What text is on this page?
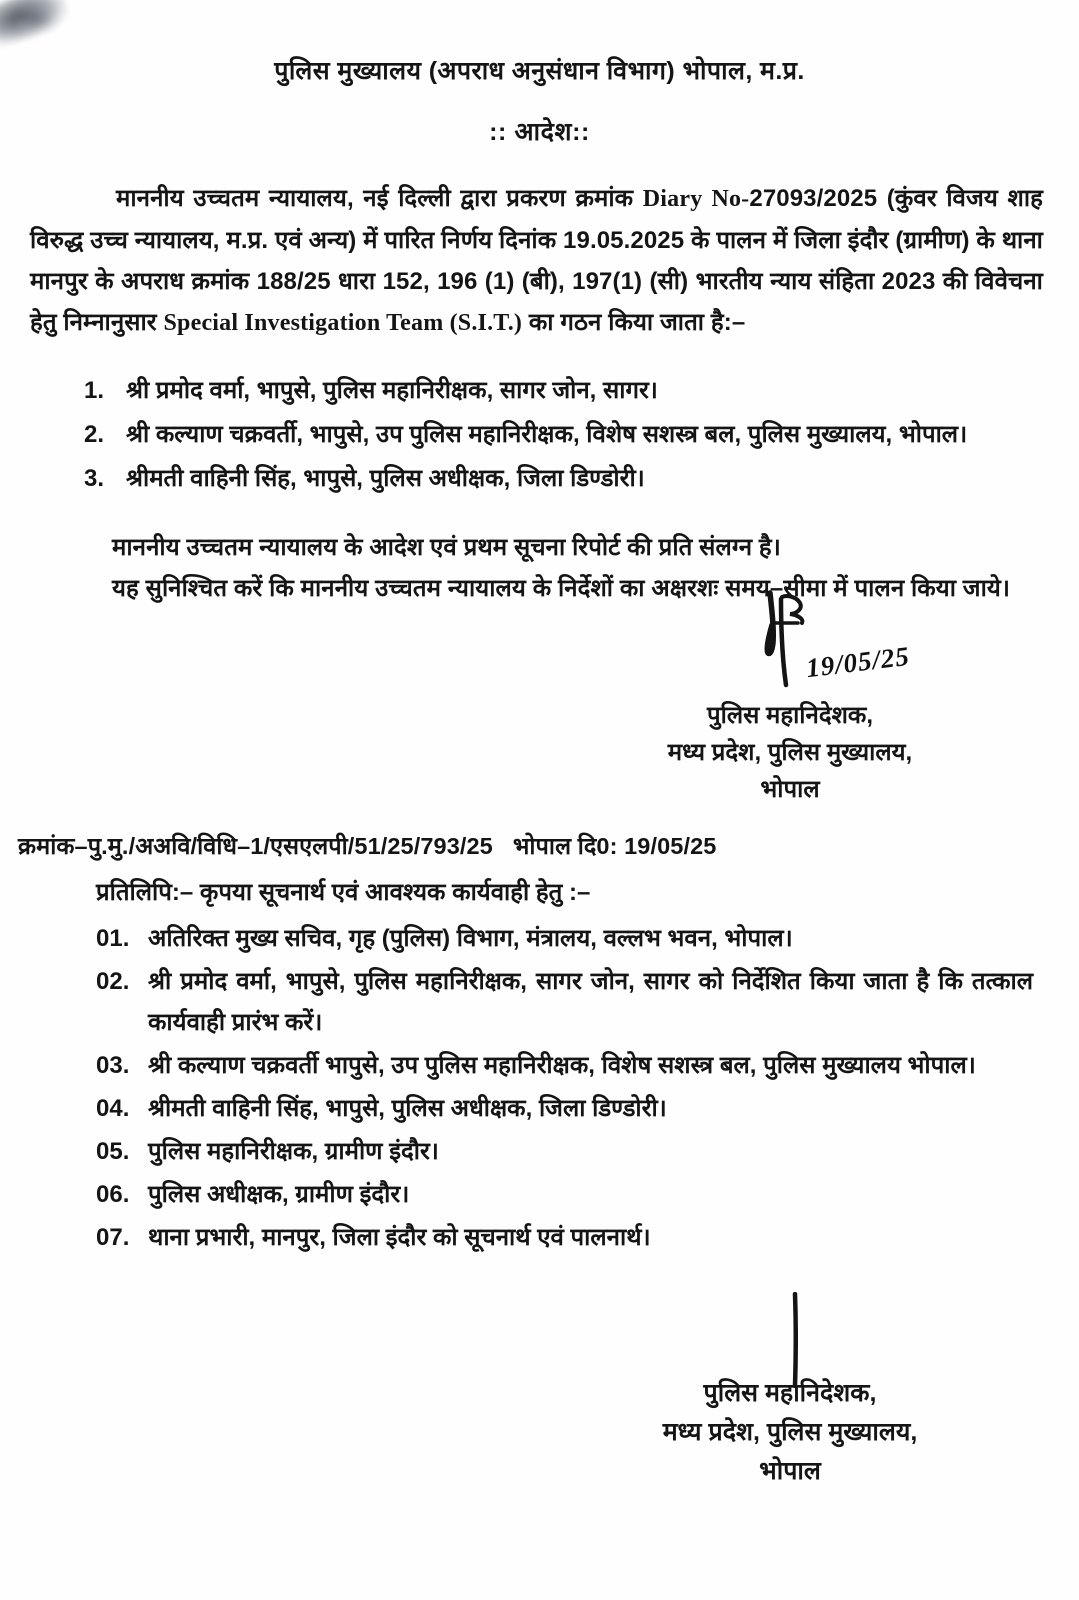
पुलिस मुख्यालय (अपराध अनुसंधान विभाग) भोपाल, म.प्र.
:: आदेश::

माननीय उच्चतम न्यायालय, नई दिल्ली द्वारा प्रकरण क्रमांक Diary No-27093/2025 (कुंवर विजय शाह विरुद्ध उच्च न्यायालय, म.प्र. एवं अन्य) में पारित निर्णय दिनांक 19.05.2025 के पालन में जिला इंदौर (ग्रामीण) के थाना मानपुर के अपराध क्रमांक 188/25 धारा 152, 196 (1) (बी), 197(1) (सी) भारतीय न्याय संहिता 2023 की विवेचना हेतु निम्नानुसार Special Investigation Team (S.I.T.) का गठन किया जाता है:–

1. श्री प्रमोद वर्मा, भापुसे, पुलिस महानिरीक्षक, सागर जोन, सागर।
2. श्री कल्याण चक्रवर्ती, भापुसे, उप पुलिस महानिरीक्षक, विशेष सशस्त्र बल, पुलिस मुख्यालय, भोपाल।
3. श्रीमती वाहिनी सिंह, भापुसे, पुलिस अधीक्षक, जिला डिण्डोरी।

माननीय उच्चतम न्यायालय के आदेश एवं प्रथम सूचना रिपोर्ट की प्रति संलग्न है।

यह सुनिश्चित करें कि माननीय उच्चतम न्यायालय के निर्देशों का अक्षरशः समय–सीमा में पालन किया जाये।

19/05/25
पुलिस महानिदेशक,
मध्य प्रदेश, पुलिस मुख्यालय,
भोपाल
क्रमांक–पु.मु./अअवि/विधि–1/एसएलपी/51/25/793/25 भोपाल दि0: 19/05/25
प्रतिलिपि:– कृपया सूचनार्थ एवं आवश्यक कार्यवाही हेतु :–
01. अतिरिक्त मुख्य सचिव, गृह (पुलिस) विभाग, मंत्रालय, वल्लभ भवन, भोपाल।
02. श्री प्रमोद वर्मा, भापुसे, पुलिस महानिरीक्षक, सागर जोन, सागर को निर्देशित किया जाता है कि तत्काल कार्यवाही प्रारंभ करें।
03. श्री कल्याण चक्रवर्ती भापुसे, उप पुलिस महानिरीक्षक, विशेष सशस्त्र बल, पुलिस मुख्यालय भोपाल।
04. श्रीमती वाहिनी सिंह, भापुसे, पुलिस अधीक्षक, जिला डिण्डोरी।
05. पुलिस महानिरीक्षक, ग्रामीण इंदौर।
06. पुलिस अधीक्षक, ग्रामीण इंदौर।
07. थाना प्रभारी, मानपुर, जिला इंदौर को सूचनार्थ एवं पालनार्थ।
पुलिस महानिदेशक,
मध्य प्रदेश, पुलिस मुख्यालय,
भोपाल
